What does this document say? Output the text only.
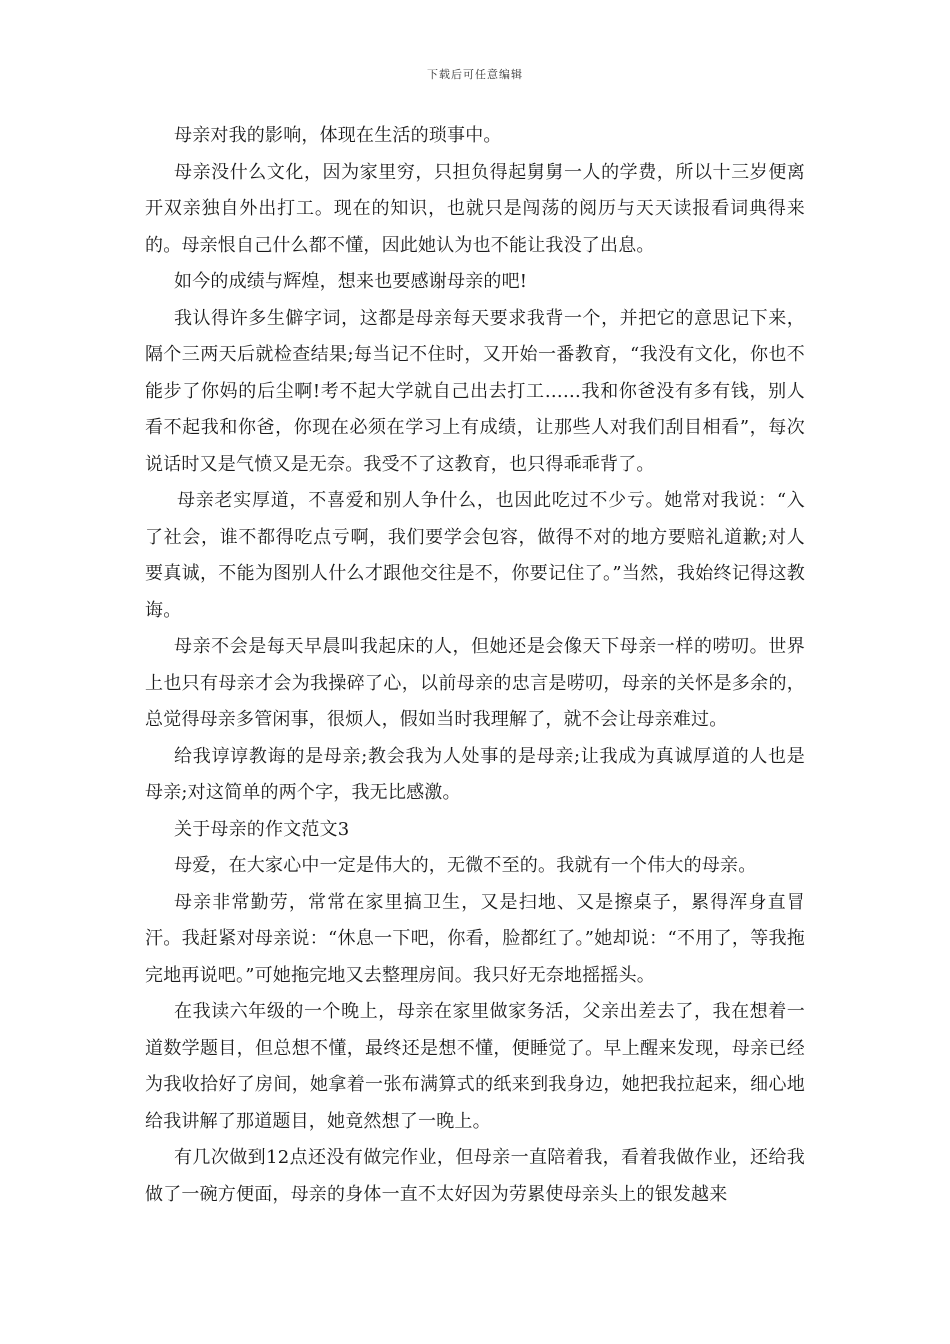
下载后可任意编辑

母亲对我的影响，体现在生活的琐事中。

母亲没什么文化，因为家里穷，只担负得起舅舅一人的学费，所以十三岁便离开双亲独自外出打工。现在的知识，也就只是闯荡的阅历与天天读报看词典得来的。母亲恨自己什么都不懂，因此她认为也不能让我没了出息。

如今的成绩与辉煌，想来也要感谢母亲的吧!

我认得许多生僻字词，这都是母亲每天要求我背一个，并把它的意思记下来，隔个三两天后就检查结果;每当记不住时，又开始一番教育，“我没有文化，你也不能步了你妈的后尘啊!考不起大学就自己出去打工……我和你爸没有多有钱，别人看不起我和你爸，你现在必须在学习上有成绩，让那些人对我们刮目相看”，每次说话时又是气愤又是无奈。我受不了这教育，也只得乖乖背了。

母亲老实厚道，不喜爱和别人争什么，也因此吃过不少亏。她常对我说：“入了社会，谁不都得吃点亏啊，我们要学会包容，做得不对的地方要赔礼道歉;对人要真诚，不能为图别人什么才跟他交往是不，你要记住了。”当然，我始终记得这教诲。

母亲不会是每天早晨叫我起床的人，但她还是会像天下母亲一样的唠叨。世界上也只有母亲才会为我操碎了心，以前母亲的忠言是唠叨，母亲的关怀是多余的，总觉得母亲多管闲事，很烦人，假如当时我理解了，就不会让母亲难过。

给我谆谆教诲的是母亲;教会我为人处事的是母亲;让我成为真诚厚道的人也是母亲;对这简单的两个字，我无比感激。

关于母亲的作文范文3

母爱，在大家心中一定是伟大的，无微不至的。我就有一个伟大的母亲。

母亲非常勤劳，常常在家里搞卫生，又是扫地、又是擦桌子，累得浑身直冒汗。我赶紧对母亲说：“休息一下吧，你看，脸都红了。”她却说：“不用了，等我拖完地再说吧。”可她拖完地又去整理房间。我只好无奈地摇摇头。

在我读六年级的一个晚上，母亲在家里做家务活，父亲出差去了，我在想着一道数学题目，但总想不懂，最终还是想不懂，便睡觉了。早上醒来发现，母亲已经为我收拾好了房间，她拿着一张布满算式的纸来到我身边，她把我拉起来，细心地给我讲解了那道题目，她竟然想了一晚上。

有几次做到12点还没有做完作业，但母亲一直陪着我，看着我做作业，还给我做了一碗方便面，母亲的身体一直不太好因为劳累使母亲头上的银发越来
